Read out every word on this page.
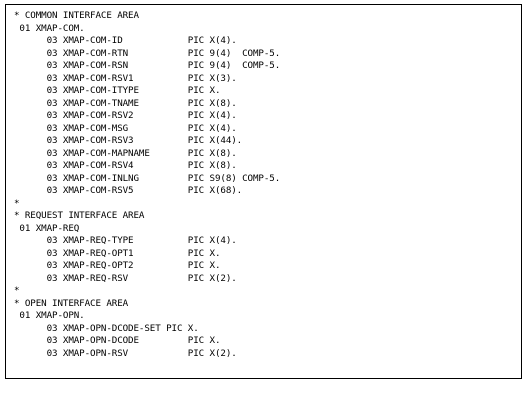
* COMMON INTERFACE AREA
01 XMAP-COM.
03 XMAP-COM-ID            PIC X(4).
03 XMAP-COM-RTN           PIC 9(4)  COMP-5.
03 XMAP-COM-RSN           PIC 9(4)  COMP-5.
03 XMAP-COM-RSV1          PIC X(3).
03 XMAP-COM-ITYPE         PIC X.
03 XMAP-COM-TNAME         PIC X(8).
03 XMAP-COM-RSV2          PIC X(4).
03 XMAP-COM-MSG           PIC X(4).
03 XMAP-COM-RSV3          PIC X(44).
03 XMAP-COM-MAPNAME       PIC X(8).
03 XMAP-COM-RSV4          PIC X(8).
03 XMAP-COM-INLNG         PIC S9(8) COMP-5.
03 XMAP-COM-RSV5          PIC X(68).
*
* REQUEST INTERFACE AREA
01 XMAP-REQ
03 XMAP-REQ-TYPE          PIC X(4).
03 XMAP-REQ-OPT1          PIC X.
03 XMAP-REQ-OPT2          PIC X.
03 XMAP-REQ-RSV           PIC X(2).
*
* OPEN INTERFACE AREA
01 XMAP-OPN.
03 XMAP-OPN-DCODE-SET PIC X.
03 XMAP-OPN-DCODE         PIC X.
03 XMAP-OPN-RSV           PIC X(2).
